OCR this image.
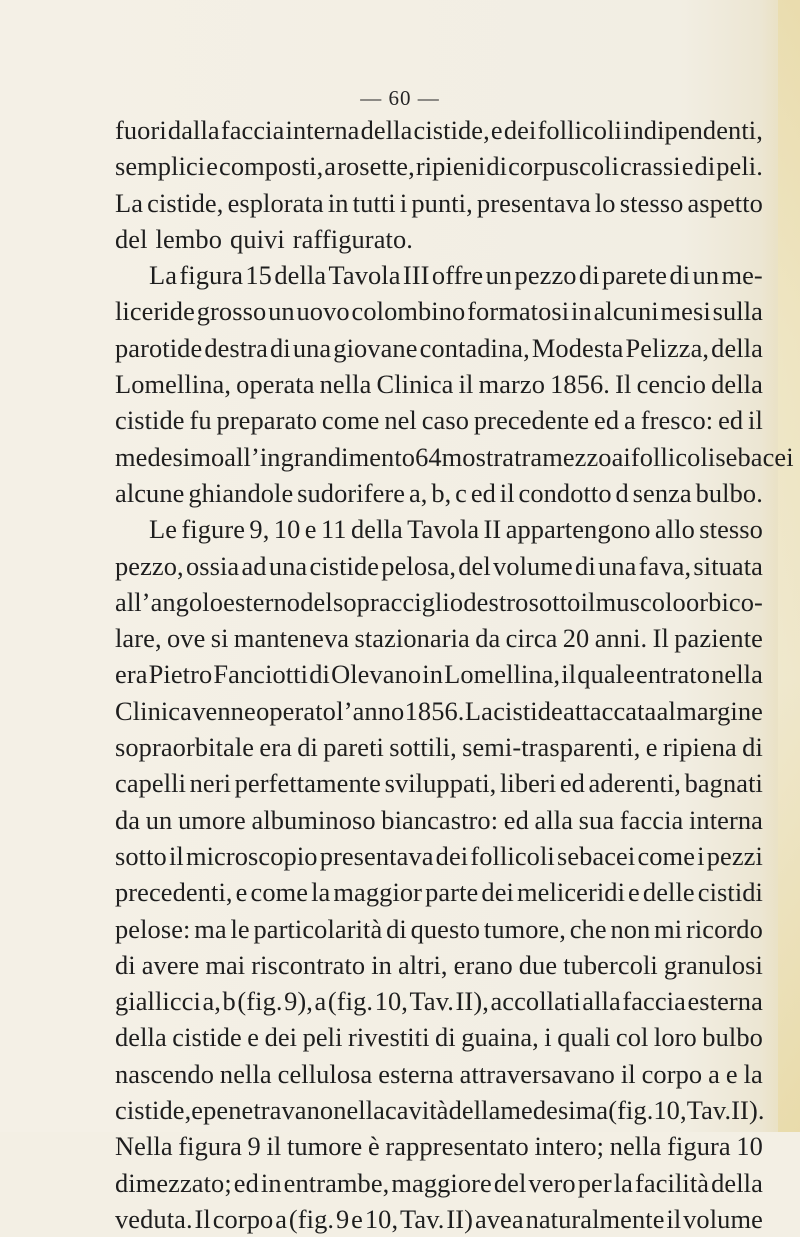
— 60 —
fuori dalla faccia interna della cistide, e dei follicoli indipendenti,
semplici e composti, a rosette, ripieni di corpuscoli crassi e di peli.
La cistide, esplorata in tutti i punti, presentava lo stesso aspetto
del lembo quivi raffigurato.
La figura 15 della Tavola III offre un pezzo di parete di un me-
liceride grosso un uovo colombino formatosi in alcuni mesi sulla
parotide destra di una giovane contadina, Modesta Pelizza, della
Lomellina, operata nella Clinica il marzo 1856. Il cencio della
cistide fu preparato come nel caso precedente ed a fresco: ed il
medesimo all’ingrandimento 64 mostra tra mezzo ai follicoli sebacei
alcune ghiandole sudorifere a, b, c ed il condotto d senza bulbo.
Le figure 9, 10 e 11 della Tavola II appartengono allo stesso
pezzo, ossia ad una cistide pelosa, del volume di una fava, situata
all’angolo esterno del sopracciglio destro sotto il muscolo orbico-
lare, ove si manteneva stazionaria da circa 20 anni. Il paziente
era Pietro Fanciotti di Olevano in Lomellina, il quale entrato nella
Clinica venne operato l’anno 1856. La cistide attaccata al margine
sopraorbitale era di pareti sottili, semi-trasparenti, e ripiena di
capelli neri perfettamente sviluppati, liberi ed aderenti, bagnati
da un umore albuminoso biancastro: ed alla sua faccia interna
sotto il microscopio presentava dei follicoli sebacei come i pezzi
precedenti, e come la maggior parte dei meliceridi e delle cistidi
pelose: ma le particolarità di questo tumore, che non mi ricordo
di avere mai riscontrato in altri, erano due tubercoli granulosi
giallicci a, b (fig. 9), a (fig. 10, Tav. II), accollati alla faccia esterna
della cistide e dei peli rivestiti di guaina, i quali col loro bulbo
nascendo nella cellulosa esterna attraversavano il corpo a e la
cistide, e penetravano nella cavità della medesima (fig. 10, Tav. II).
Nella figura 9 il tumore è rappresentato intero; nella figura 10
dimezzato; ed in entrambe, maggiore del vero per la facilità della
veduta. Il corpo a (fig. 9 e 10, Tav. II) avea naturalmente il volume
